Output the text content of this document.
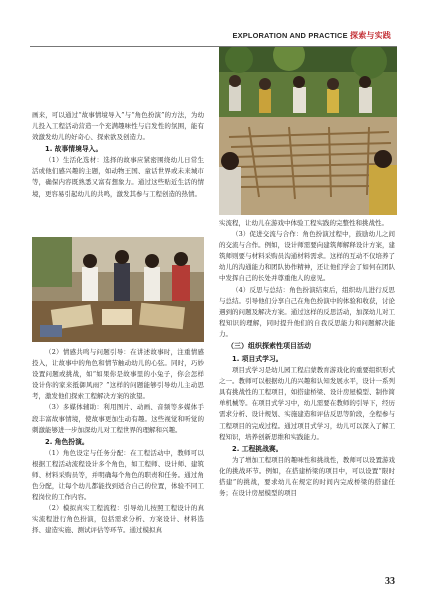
EXPLORATION AND PRACTICE 探索与实践

画来，可以通过“故事情境导入”与“角色扮演”的方法，为幼儿投入工程活动营造一个充满趣味性与启发性的氛围，能有效激发幼儿的好奇心、探索欲及创造力。

1. 故事情境导入。

（1）生活化选材：选择的故事应紧密围绕幼儿日常生活或他们感兴趣的主题，如动物王国、童话世界或未来城市等，确保内容既熟悉又富有想象力。通过这些贴近生活的情境，更容易引起幼儿的共鸣，激发其参与工程创造的热情。

（2）情感共鸣与问题引导：在讲述故事时，注重情感投入，让故事中的角色和情节触动幼儿的心弦。同时，巧妙设置问题或挑战，如“如果你是故事里的小兔子，你会怎样设计你的家来抵御风雨？”这样的问题能够引导幼儿主动思考，激发他们探索工程解决方案的欲望。

（3）多媒体辅助：利用图片、动画、音频等多媒体手段丰富故事情境，使故事更加生动有趣。这些视觉和听觉的刺激能够进一步加深幼儿对工程世界的理解和兴趣。

2. 角色扮演。

（1）角色设定与任务分配：在工程活动中，教师可以根据工程活动流程设计多个角色，如工程师、设计师、建筑师、材料采购员等，并明确每个角色的职责和任务。通过角色分配，让每个幼儿都能找到适合自己的位置，体验不同工程岗位的工作内容。

（2）模拟真实工程流程：引导幼儿按照工程设计的真实流程进行角色扮演，包括需求分析、方案设计、材料选择、建造实施、测试评估等环节。通过模拟真

实流程，让幼儿在游戏中体验工程实践的完整性和挑战性。

（3）促进交流与合作：角色扮演过程中，鼓励幼儿之间的交流与合作。例如，设计师需要向建筑师解释设计方案，建筑师则要与材料采购员沟通材料需求。这样的互动不仅培养了幼儿的沟通能力和团队协作精神，还让他们学会了如何在团队中发挥自己的长处并尊重他人的意见。

（4）反思与总结：角色扮演结束后，组织幼儿进行反思与总结。引导他们分享自己在角色扮演中的体验和收获，讨论遇到的问题及解决方案。通过这样的反思活动，加深幼儿对工程知识的理解，同时提升他们的自我反思能力和问题解决能力。

（三）组织探索性项目活动
1. 项目式学习。

项目式学习是幼儿园工程启蒙教育游戏化的重要组织形式之一。教师可以根据幼儿的兴趣和认知发展水平，设计一系列具有挑战性的工程项目，如搭建桥梁、设计房屋模型、制作简单机械等。在项目式学习中，幼儿需要在教师的引导下，经历需求分析、设计规划、实施建造和评估反思等阶段，全程参与工程项目的完成过程。通过项目式学习，幼儿可以深入了解工程知识，培养创新思维和实践能力。

2. 工程挑战赛。

为了增加工程项目的趣味性和挑战性，教师可以设置游戏化的挑战环节。例如，在搭建桥梁的项目中，可以设置“限时搭建”的挑战，要求幼儿在规定的时间内完成桥梁的搭建任务；在设计房屋模型的项目

33
